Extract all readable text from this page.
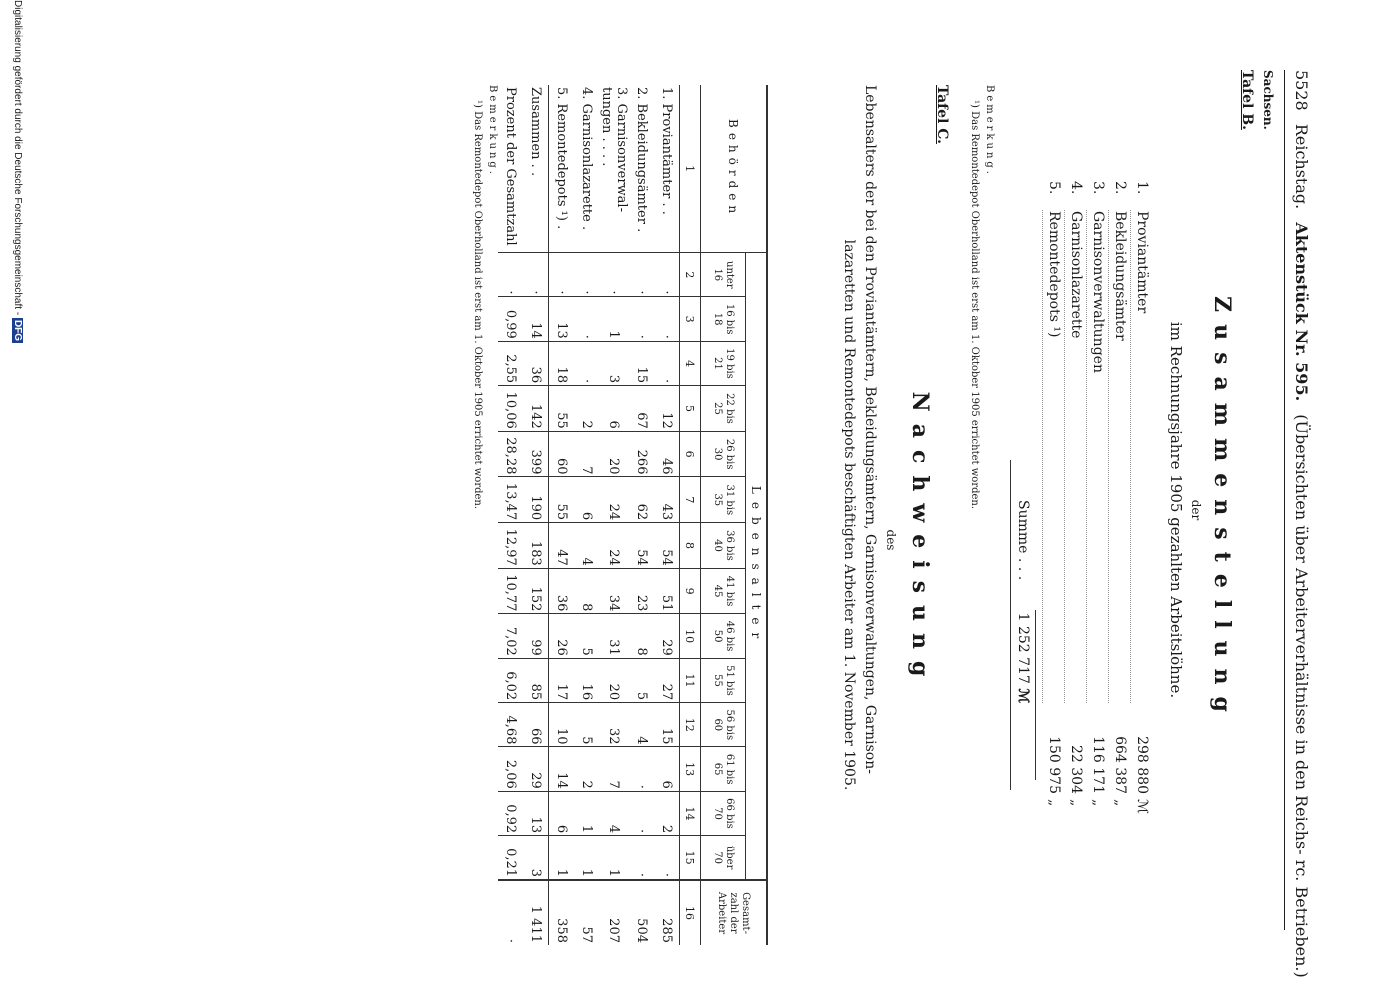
5528 Reichstag. Aktenstück Nr. 595. (Übersichten über Arbeiterverhältnisse in den Reichs- rc. Betrieben.)
Sachsen.
Tafel B.
Zusammenstellung
der
im Rechnungsjahre 1905 gezahlten Arbeitslöhne.
1.	Proviantämter	298 880	ℳ
2.	Bekleidungsämter	664 387	„
3.	Garnisonverwaltungen	116 171	„
4.	Garnisonlazarette	22 304	„
5.	Remontedepots ¹)	150 975	„
Summe . . . 1 252 717 ℳ
Bemerkung.
¹) Das Remontedepot Oberholland ist erst am 1. Oktober 1905 errichtet worden.
Tafel C.
Nachweisung
des
Lebensalters der bei den Proviantämtern, Bekleidungsämtern, Garnisonverwaltungen, Garnison-
lazaretten und Remontedepots beschäftigten Arbeiter am 1. November 1905.
Behörden	Lebensalter														Gesamt-zahl der Arbeiter
	unter 16	16 bis 18	19 bis 21	22 bis 25	26 bis 30	31 bis 35	36 bis 40	41 bis 45	46 bis 50	51 bis 55	56 bis 60	61 bis 65	66 bis 70	über 70	
1	2	3	4	5	6	7	8	9	10	11	12	13	14	15	16
1. Proviantämter . .	·	·	·	12	46	43	54	51	29	27	15	6	2	·	285
2. Bekleidungsämter .	·	·	15	67	266	62	54	23	8	5	4	·	·	·	504
3. Garnisonverwal-tungen . . . .	·	1	3	6	20	24	24	34	31	20	32	7	4	1	207
4. Garnisonlazarette .	·	·	·	2	7	6	4	8	5	16	5	2	1	1	57
5. Remontedepots ¹) .	·	13	18	55	60	55	47	36	26	17	10	14	6	1	358
Zusammen . .	·	14	36	142	399	190	183	152	99	85	66	29	13	3	1 411
Prozent der Gesamtzahl	·	0,99	2,55	10,06	28,28	13,47	12,97	10,77	7,02	6,02	4,68	2,06	0,92	0,21	·
Bemerkung.
¹) Das Remontedepot Oberholland ist erst am 1. Oktober 1905 errichtet worden.
Digitalisierung gefördert durch die Deutsche Forschungsgemeinschaft - DFG
